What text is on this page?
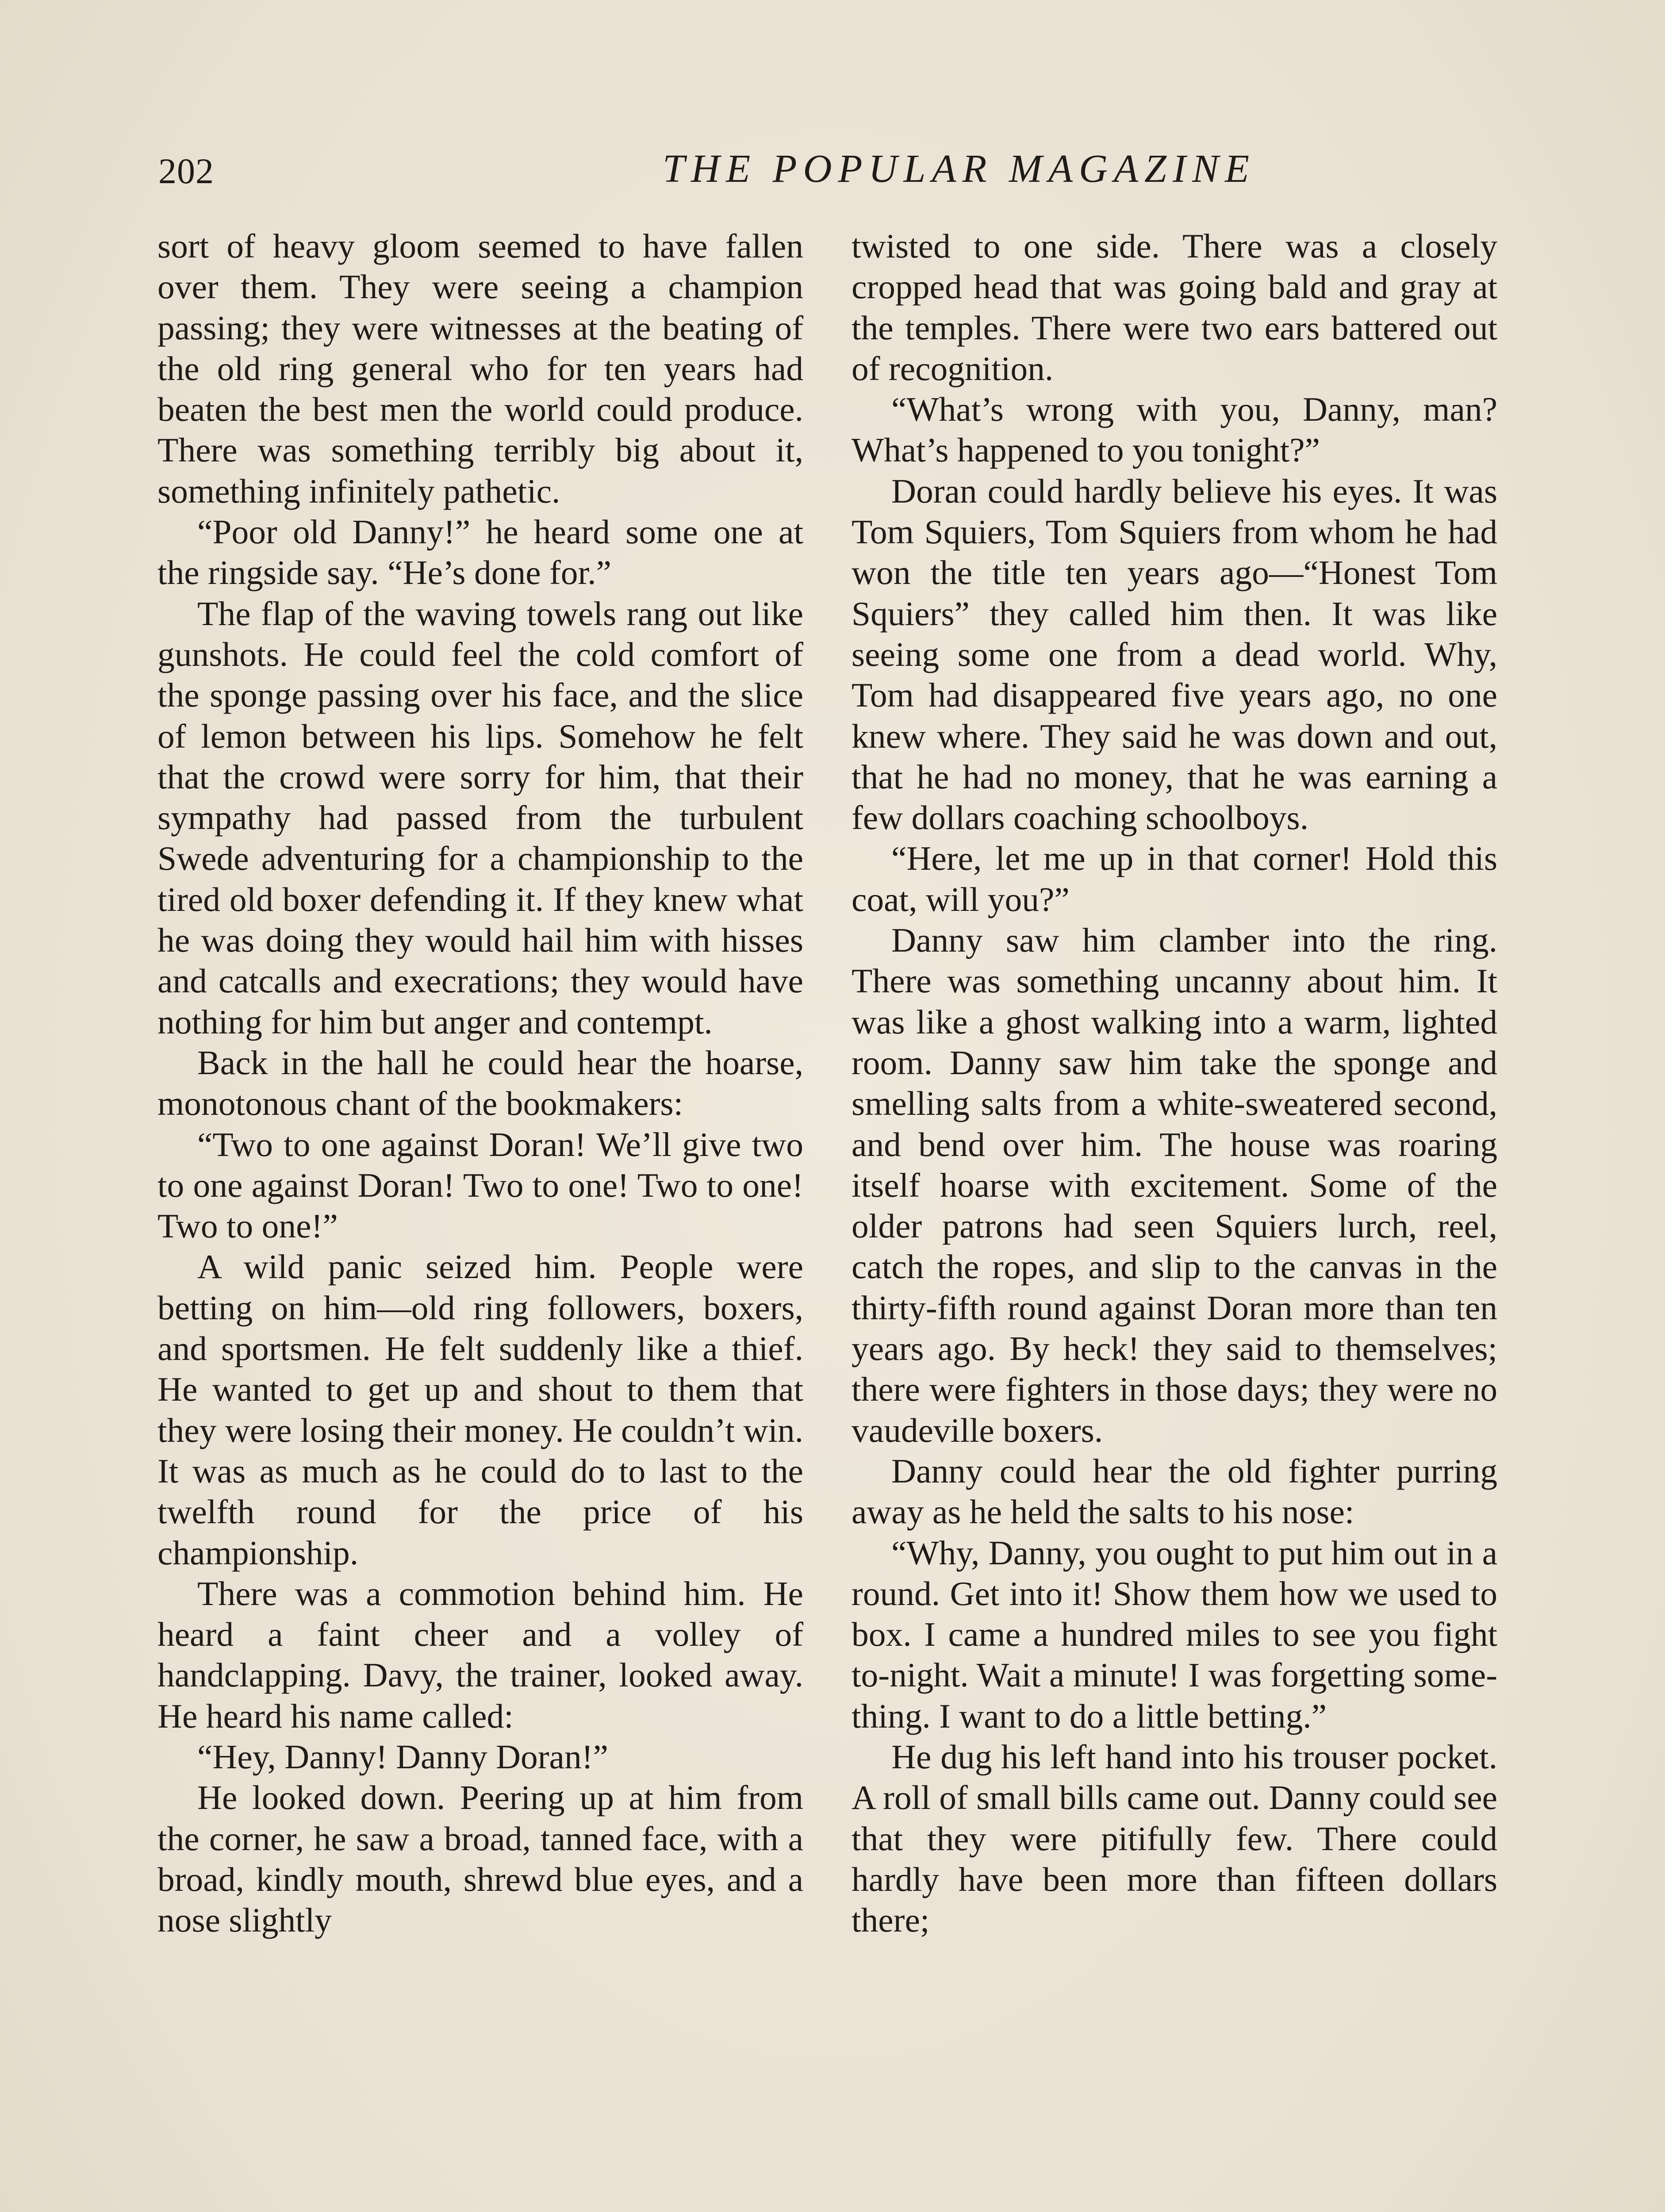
202	THE POPULAR MAGAZINE

sort of heavy gloom seemed to have fallen over them. They were seeing a champion passing; they were witnesses at the beating of the old ring general who for ten years had beaten the best men the world could produce. There was something terribly big about it, something infinitely pathetic.

“Poor old Danny!” he heard some one at the ringside say. “He’s done for.”

The flap of the waving towels rang out like gunshots. He could feel the cold comfort of the sponge passing over his face, and the slice of lemon between his lips. Somehow he felt that the crowd were sorry for him, that their sympathy had passed from the turbulent Swede adventuring for a championship to the tired old boxer defending it. If they knew what he was doing they would hail him with hisses and catcalls and execrations; they would have nothing for him but anger and contempt.

Back in the hall he could hear the hoarse, monotonous chant of the bookmakers:

“Two to one against Doran! We’ll give two to one against Doran! Two to one! Two to one! Two to one!”

A wild panic seized him. People were betting on him—old ring followers, boxers, and sportsmen. He felt suddenly like a thief. He wanted to get up and shout to them that they were losing their money. He couldn’t win. It was as much as he could do to last to the twelfth round for the price of his championship.

There was a commotion behind him. He heard a faint cheer and a volley of handclapping. Davy, the trainer, looked away. He heard his name called:

“Hey, Danny! Danny Doran!”

He looked down. Peering up at him from the corner, he saw a broad, tanned face, with a broad, kindly mouth, shrewd blue eyes, and a nose slightly

twisted to one side. There was a closely cropped head that was going bald and gray at the temples. There were two ears battered out of recognition.

“What’s wrong with you, Danny, man? What’s happened to you tonight?”

Doran could hardly believe his eyes. It was Tom Squiers, Tom Squiers from whom he had won the title ten years ago—“Honest Tom Squiers” they called him then. It was like seeing some one from a dead world. Why, Tom had disappeared five years ago, no one knew where. They said he was down and out, that he had no money, that he was earning a few dollars coaching schoolboys.

“Here, let me up in that corner! Hold this coat, will you?”

Danny saw him clamber into the ring. There was something uncanny about him. It was like a ghost walking into a warm, lighted room. Danny saw him take the sponge and smelling salts from a white-sweatered second, and bend over him. The house was roaring itself hoarse with excitement. Some of the older patrons had seen Squiers lurch, reel, catch the ropes, and slip to the canvas in the thirty-fifth round against Doran more than ten years ago. By heck! they said to themselves; there were fighters in those days; they were no vaudeville boxers.

Danny could hear the old fighter purring away as he held the salts to his nose:

“Why, Danny, you ought to put him out in a round. Get into it! Show them how we used to box. I came a hundred miles to see you fight to-night. Wait a minute! I was forgetting something. I want to do a little betting.”

He dug his left hand into his trouser pocket. A roll of small bills came out. Danny could see that they were pitifully few. There could hardly have been more than fifteen dollars there;
